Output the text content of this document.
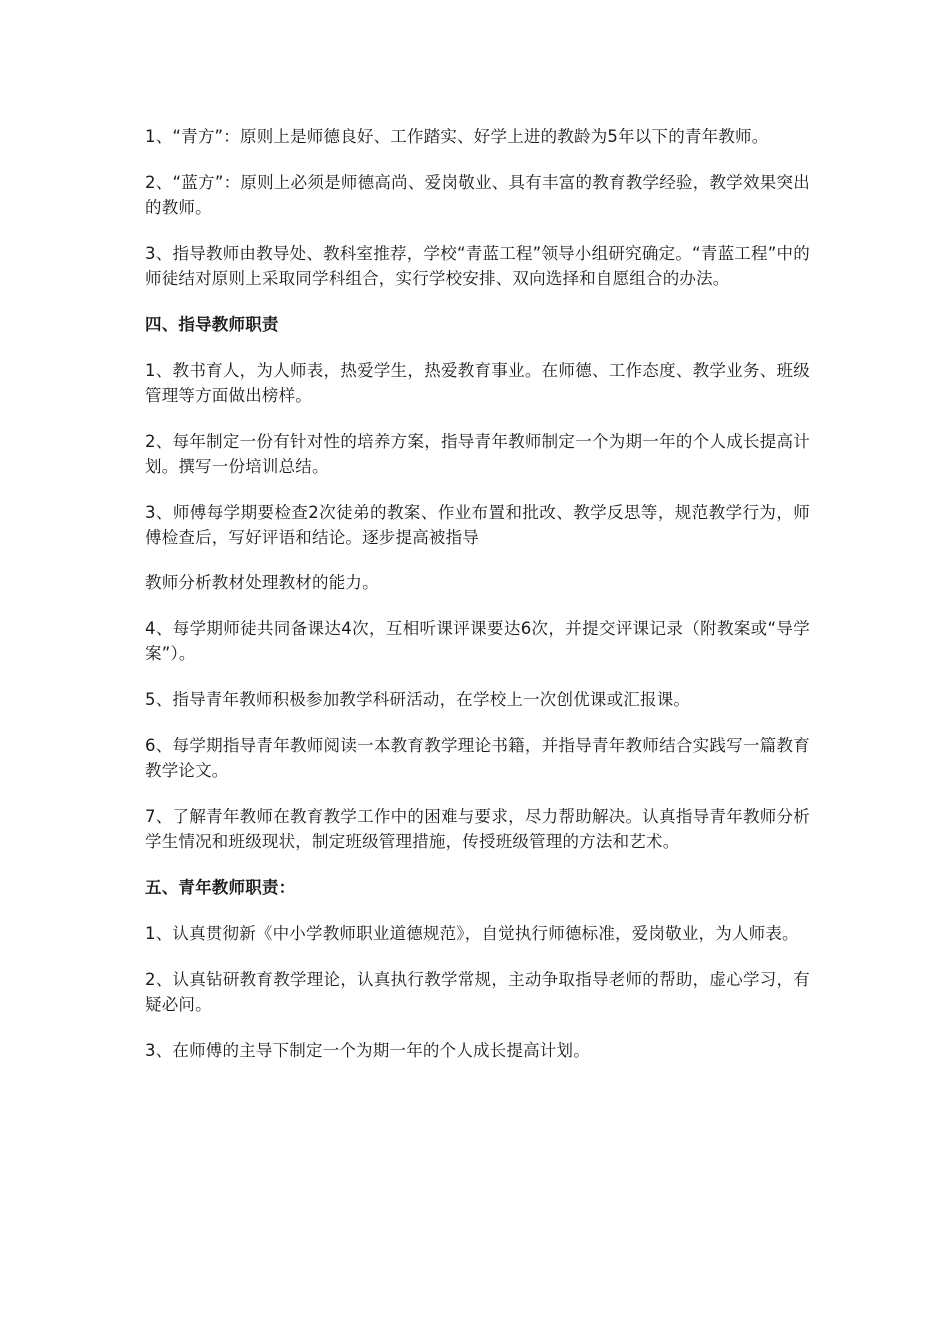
1、“青方”：原则上是师德良好、工作踏实、好学上进的教龄为5年以下的青年教师。

2、“蓝方”：原则上必须是师德高尚、爱岗敬业、具有丰富的教育教学经验，教学效果突出的教师。

3、指导教师由教导处、教科室推荐，学校“青蓝工程”领导小组研究确定。“青蓝工程”中的师徒结对原则上采取同学科组合，实行学校安排、双向选择和自愿组合的办法。

四、指导教师职责

1、教书育人，为人师表，热爱学生，热爱教育事业。在师德、工作态度、教学业务、班级管理等方面做出榜样。

2、每年制定一份有针对性的培养方案，指导青年教师制定一个为期一年的个人成长提高计划。撰写一份培训总结。

3、师傅每学期要检查2次徒弟的教案、作业布置和批改、教学反思等，规范教学行为，师傅检查后，写好评语和结论。逐步提高被指导

教师分析教材处理教材的能力。

4、每学期师徒共同备课达4次，互相听课评课要达6次，并提交评课记录（附教案或“导学案”）。

5、指导青年教师积极参加教学科研活动，在学校上一次创优课或汇报课。

6、每学期指导青年教师阅读一本教育教学理论书籍，并指导青年教师结合实践写一篇教育教学论文。

7、了解青年教师在教育教学工作中的困难与要求，尽力帮助解决。认真指导青年教师分析学生情况和班级现状，制定班级管理措施，传授班级管理的方法和艺术。

五、青年教师职责：

1、认真贯彻新《中小学教师职业道德规范》，自觉执行师德标准，爱岗敬业，为人师表。

2、认真钻研教育教学理论，认真执行教学常规，主动争取指导老师的帮助，虚心学习，有疑必问。

3、在师傅的主导下制定一个为期一年的个人成长提高计划。
